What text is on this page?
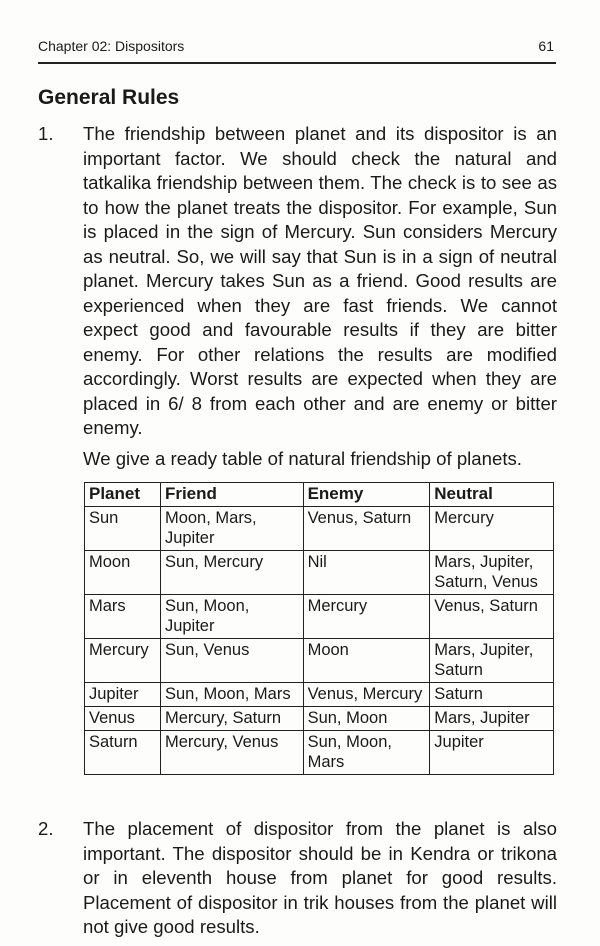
Chapter 02: Dispositors	61
General Rules
1. The friendship between planet and its dispositor is an important factor. We should check the natural and tatkalika friendship between them. The check is to see as to how the planet treats the dispositor. For example, Sun is placed in the sign of Mercury. Sun considers Mercury as neutral. So, we will say that Sun is in a sign of neutral planet. Mercury takes Sun as a friend. Good results are experienced when they are fast friends. We cannot expect good and favourable results if they are bitter enemy. For other relations the results are modified accordingly. Worst results are expected when they are placed in 6/ 8 from each other and are enemy or bitter enemy.
We give a ready table of natural friendship of planets.
Planet	Friend	Enemy	Neutral
Sun	Moon, Mars, Jupiter	Venus, Saturn	Mercury
Moon	Sun, Mercury	Nil	Mars, Jupiter, Saturn, Venus
Mars	Sun, Moon, Jupiter	Mercury	Venus, Saturn
Mercury	Sun, Venus	Moon	Mars, Jupiter, Saturn
Jupiter	Sun, Moon, Mars	Venus, Mercury	Saturn
Venus	Mercury, Saturn	Sun, Moon	Mars, Jupiter
Saturn	Mercury, Venus	Sun, Moon, Mars	Jupiter
2. The placement of dispositor from the planet is also important. The dispositor should be in Kendra or trikona or in eleventh house from planet for good results. Placement of dispositor in trik houses from the planet will not give good results.
